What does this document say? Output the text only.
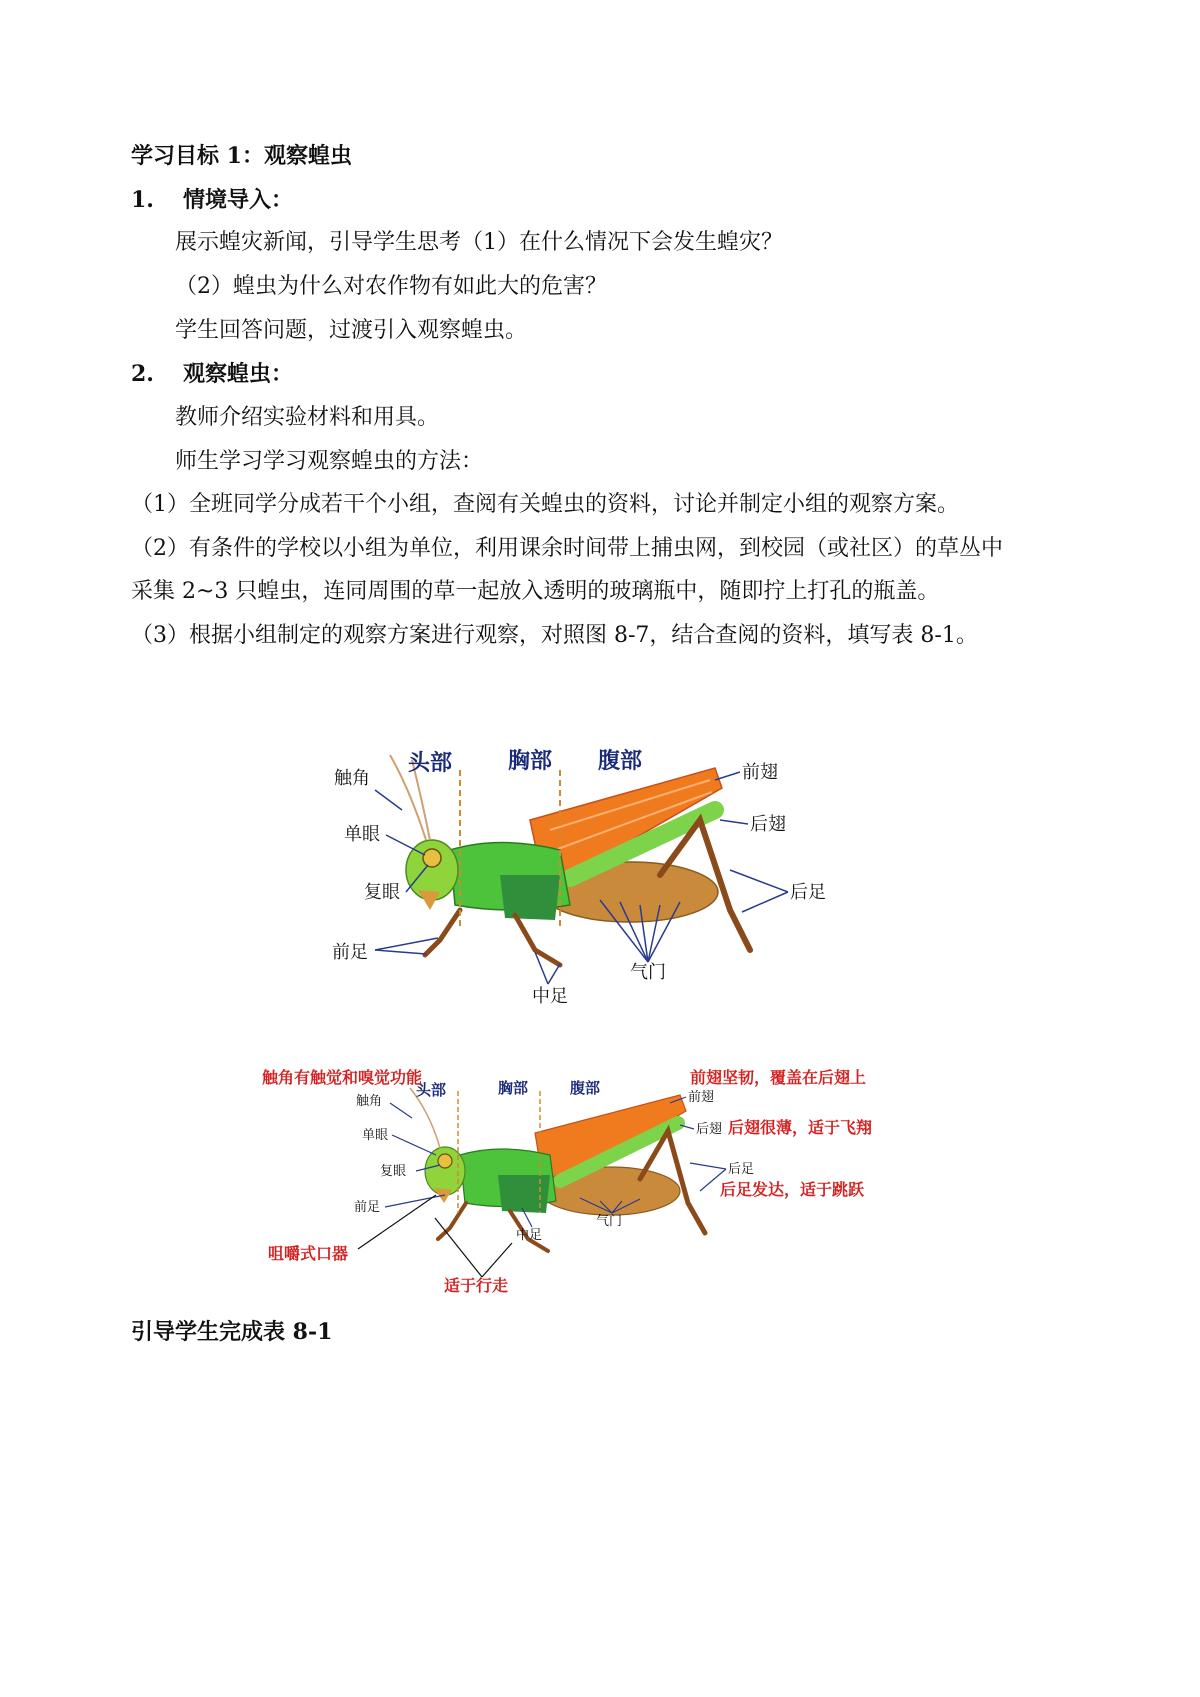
学习目标 1：观察蝗虫
1. 情境导入：
展示蝗灾新闻，引导学生思考（1）在什么情况下会发生蝗灾？
（2）蝗虫为什么对农作物有如此大的危害？
学生回答问题，过渡引入观察蝗虫。
2. 观察蝗虫：
教师介绍实验材料和用具。
师生学习学习观察蝗虫的方法：
（1）全班同学分成若干个小组，查阅有关蝗虫的资料，讨论并制定小组的观察方案。
（2）有条件的学校以小组为单位，利用课余时间带上捕虫网，到校园（或社区）的草丛中
采集 2~3 只蝗虫，连同周围的草一起放入透明的玻璃瓶中，随即拧上打孔的瓶盖。
（3）根据小组制定的观察方案进行观察，对照图 8-7，结合查阅的资料，填写表 8-1。
头部	胸部 腹部
触角
单眼
复眼
前足
中足
气门
前翅
后翅
后足
头部	胸部	腹部
触角
单眼
复眼
前足
中足
气门
前翅
后翅
后足
触角有触觉和嗅觉功能
咀嚼式口器
适于行走
前翅坚韧，覆盖在后翅上
后翅很薄，适于飞翔
后足发达，适于跳跃
引导学生完成表 8-1
